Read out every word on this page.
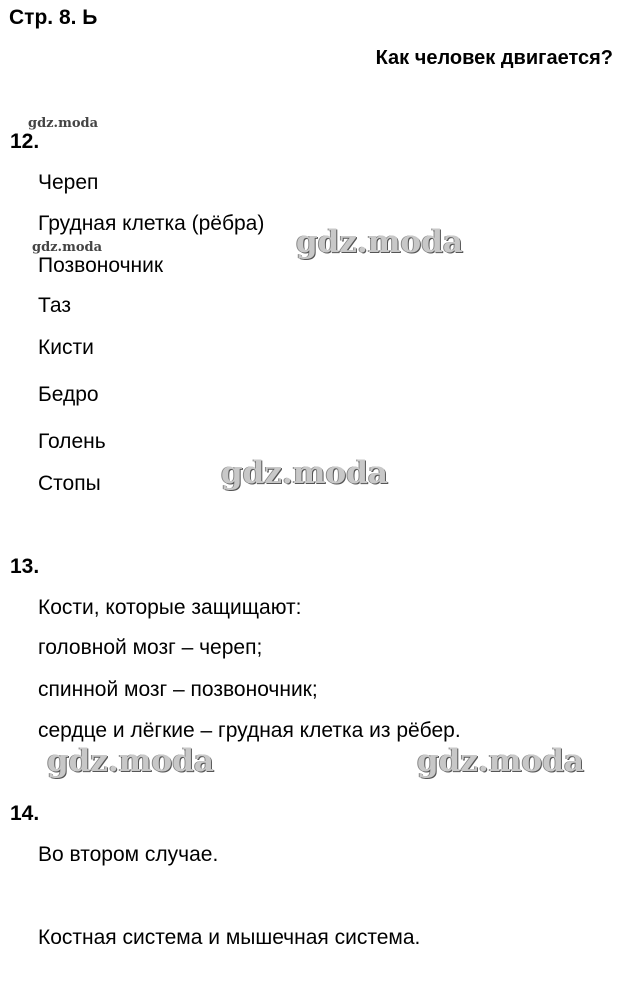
Стр. 8. Ь
Как человек двигается?
12.
Череп
Грудная клетка (рёбра)
Позвоночник
Таз
Кисти
Бедро
Голень
Стопы
13.
Кости, которые защищают:
головной мозг – череп;
спинной мозг – позвоночник;
сердце и лёгкие – грудная клетка из рёбер.
14.
Во втором случае.
Костная система и мышечная система.
gdz.moda
gdz.moda	gdz.moda
gdz.moda
gdz.moda	gdz.moda
